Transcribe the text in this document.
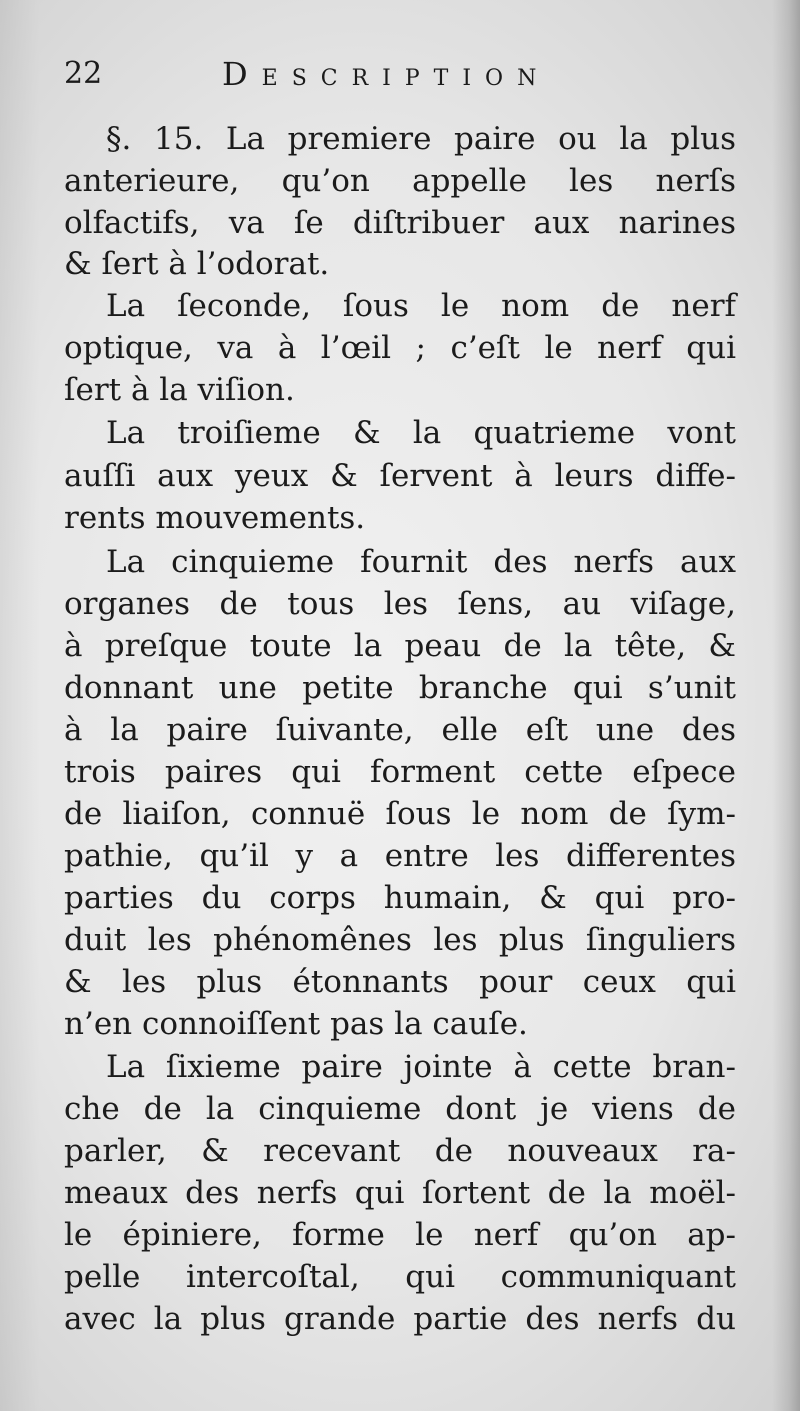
22	Description

§. 15. La premiere paire ou la plus

anterieure, qu’on appelle les nerſs

olfactifs, va ſe diſtribuer aux narines

& ſert à l’odorat.

La ſeconde, ſous le nom de nerf

optique, va à l’œil ; c’eſt le nerf qui

ſert à la viſion.

La troiſieme & la quatrieme vont

auſſi aux yeux & ſervent à leurs diffe-

rents mouvements.

La cinquieme fournit des nerfs aux

organes de tous les ſens, au viſage,

à preſque toute la peau de la tête, &

donnant une petite branche qui s’unit

à la paire ſuivante, elle eſt une des

trois paires qui forment cette eſpece

de liaiſon, connuë ſous le nom de ſym-

pathie, qu’il y a entre les differentes

parties du corps humain, & qui pro-

duit les phénomênes les plus ſinguliers

& les plus étonnants pour ceux qui

n’en connoiſſent pas la cauſe.

La ſixieme paire jointe à cette bran-

che de la cinquieme dont je viens de

parler, & recevant de nouveaux ra-

meaux des nerfs qui ſortent de la moël-

le épiniere, forme le nerf qu’on ap-

pelle intercoſtal, qui communiquant

avec la plus grande partie des nerfs du
